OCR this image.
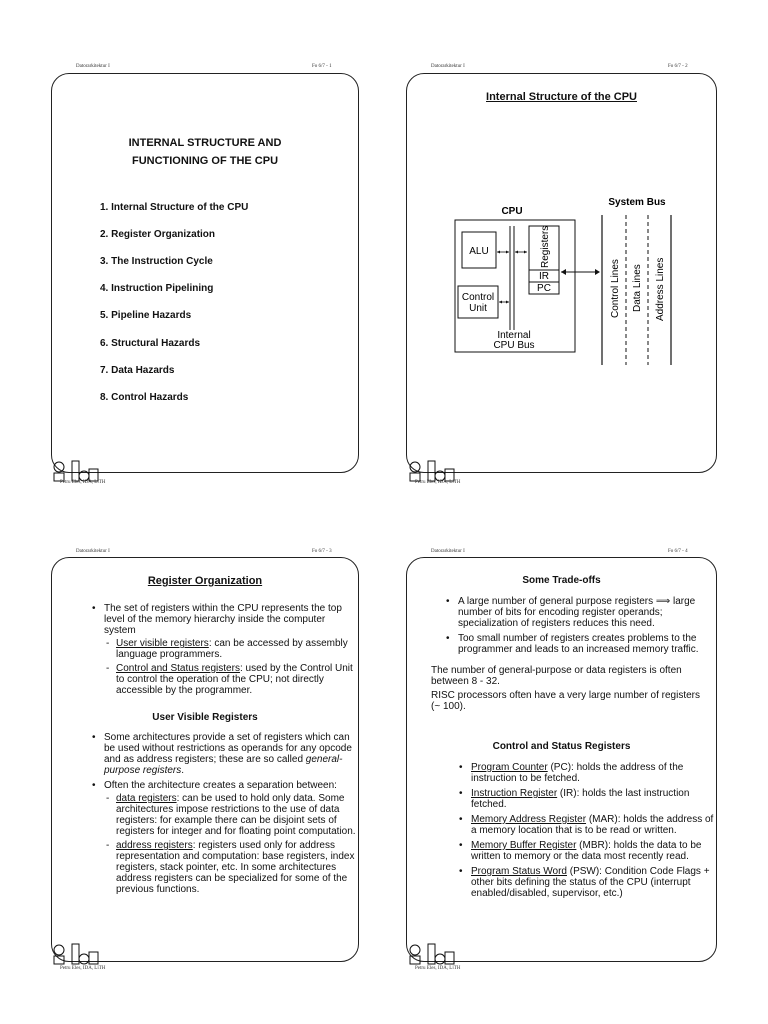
Datorarkitektur I	Fo 6/7 - 1	Datorarkitektur I	Fo 6/7 - 2
Datorarkitektur I	Fo 6/7 - 3	Datorarkitektur I	Fo 6/7 - 4
Petru Eles, IDA, LiTH	Petru Eles, IDA, LiTH
Petru Eles, IDA, LiTH	Petru Eles, IDA, LiTH
INTERNAL STRUCTURE AND
FUNCTIONING OF THE CPU
1. Internal Structure of the CPU
2. Register Organization
3. The Instruction Cycle
4. Instruction Pipelining
5. Pipeline Hazards
6. Structural Hazards
7. Data Hazards
8. Control Hazards
Internal Structure of the CPU
CPU
System Bus
ALU
Control
Unit
Registers
IR
PC
Internal
CPU Bus
Control Lines Data Lines Address Lines
Register Organization
• The set of registers within the CPU represents the top level of the memory hierarchy inside the computer system
- User visible registers: can be accessed by assembly language programmers.
- Control and Status registers: used by the Control Unit to control the operation of the CPU; not directly accessible by the programmer.
User Visible Registers
• Some architectures provide a set of registers which can be used without restrictions as operands for any opcode and as address registers; these are so called general-purpose registers.
• Often the architecture creates a separation between:
- data registers: can be used to hold only data. Some architectures impose restrictions to the use of data registers: for example there can be disjoint sets of registers for integer and for floating point computation.
- address registers: registers used only for address representation and computation: base registers, index registers, stack pointer, etc. In some architectures address registers can be specialized for some of the previous functions.
Some Trade-offs
• A large number of general purpose registers ⟹ large number of bits for encoding register operands; specialization of registers reduces this need.
• Too small number of registers creates problems to the programmer and leads to an increased memory traffic.
The number of general-purpose or data registers is often between 8 - 32.
RISC processors often have a very large number of registers (~ 100).
Control and Status Registers
• Program Counter (PC): holds the address of the instruction to be fetched.
• Instruction Register (IR): holds the last instruction fetched.
• Memory Address Register (MAR): holds the address of a memory location that is to be read or written.
• Memory Buffer Register (MBR): holds the data to be written to memory or the data most recently read.
• Program Status Word (PSW): Condition Code Flags + other bits defining the status of the CPU (interrupt enabled/disabled, supervisor, etc.)
